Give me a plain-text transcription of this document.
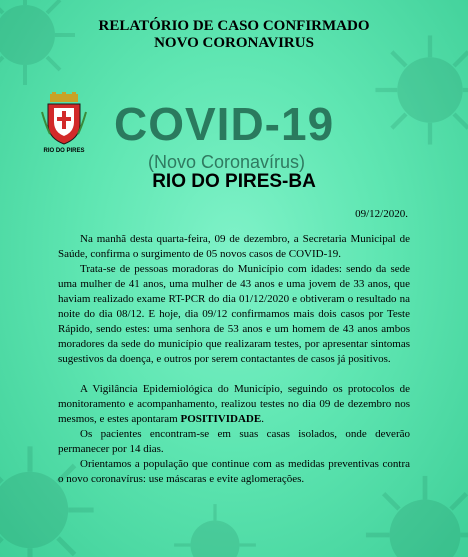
RELATÓRIO DE CASO CONFIRMADO
NOVO CORONAVIRUS
RIO DO PIRES
COVID-19
(Novo Coronavírus)
RIO DO PIRES-BA
09/12/2020.

Na manhã desta quarta-feira, 09 de dezembro, a Secretaria Municipal de Saúde, confirma o surgimento de 05 novos casos de COVID-19.

Trata-se de pessoas moradoras do Município com idades: sendo da sede uma mulher de 41 anos, uma mulher de 43 anos e uma jovem de 33 anos, que haviam realizado exame RT-PCR do dia 01/12/2020 e obtiveram o resultado na noite do dia 08/12. E hoje, dia 09/12 confirmamos mais dois casos por Teste Rápido, sendo estes: uma senhora de 53 anos e um homem de 43 anos ambos moradores da sede do município que realizaram testes, por apresentar sintomas sugestivos da doença, e outros por serem contactantes de casos já positivos.

A Vigilância Epidemiológica do Município, seguindo os protocolos de monitoramento e acompanhamento, realizou testes no dia 09 de dezembro nos mesmos, e estes apontaram POSITIVIDADE.

Os pacientes encontram-se em suas casas isolados, onde deverão permanecer por 14 dias.

Orientamos a população que continue com as medidas preventivas contra o novo coronavírus: use máscaras e evite aglomerações.
